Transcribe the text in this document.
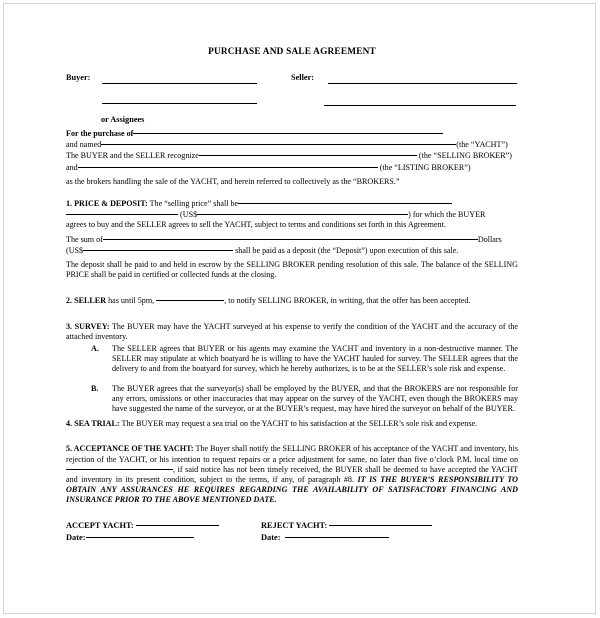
PURCHASE AND SALE AGREEMENT
Buyer:	Seller:
or Assignees
For the purchase of
and named	(the “YACHT”)
The BUYER and the SELLER recognize	(the “SELLING BROKER”)
and	(the “LISTING BROKER”)
as the brokers handling the sale of the YACHT, and herein referred to collectively as the “BROKERS.”
1. PRICE & DEPOSIT: The “selling price” shall be
(US$	) for which the BUYER
agrees to buy and the SELLER agrees to sell the YACHT, subject to terms and conditions set forth in this Agreement.
The sum of	Dollars
(US$	shall be paid as a deposit (the “Deposit”) upon execution of this sale.
The deposit shall be paid to and held in escrow by the SELLING BROKER pending resolution of this sale. The balance of the SELLING PRICE shall be paid in certified or collected funds at the closing.
2. SELLER has until 5pm,	, to notify SELLING BROKER, in writing, that the offer has been accepted.
3. SURVEY: The BUYER may have the YACHT surveyed at his expense to verify the condition of the YACHT and the accuracy of the attached inventory.
A.	The SELLER agrees that BUYER or his agents may examine the YACHT and inventory in a non-destructive manner. The SELLER may stipulate at which boatyard he is willing to have the YACHT hauled for survey. The SELLER agrees that the delivery to and from the boatyard for survey, which he hereby authorizes, is to be at the SELLER’s sole risk and expense.
B.	The BUYER agrees that the surveyor(s) shall be employed by the BUYER, and that the BROKERS are not responsible for any errors, omissions or other inaccuracies that may appear on the survey of the YACHT, even though the BROKERS may have suggested the name of the surveyor, or at the BUYER’s request, may have hired the surveyor on behalf of the BUYER.
4. SEA TRIAL: The BUYER may request a sea trial on the YACHT to his satisfaction at the SELLER’s sole risk and expense.
5. ACCEPTANCE OF THE YACHT: The Buyer shall notify the SELLING BROKER of his acceptance of the YACHT and inventory, his rejection of the YACHT, or his intention to request repairs or a price adjustment for same, no later than five o’clock P.M. local time on , if said notice has not been timely received, the BUYER shall be deemed to have accepted the YACHT and inventory in its present condition, subject to the terms, if any, of paragraph #8. IT IS THE BUYER’S RESPONSIBILITY TO OBTAIN ANY ASSURANCES HE REQUIRES REGARDING THE AVAILABILITY OF SATISFACTORY FINANCING AND INSURANCE PRIOR TO THE ABOVE MENTIONED DATE.
ACCEPT YACHT:	REJECT YACHT:
Date:	Date:
